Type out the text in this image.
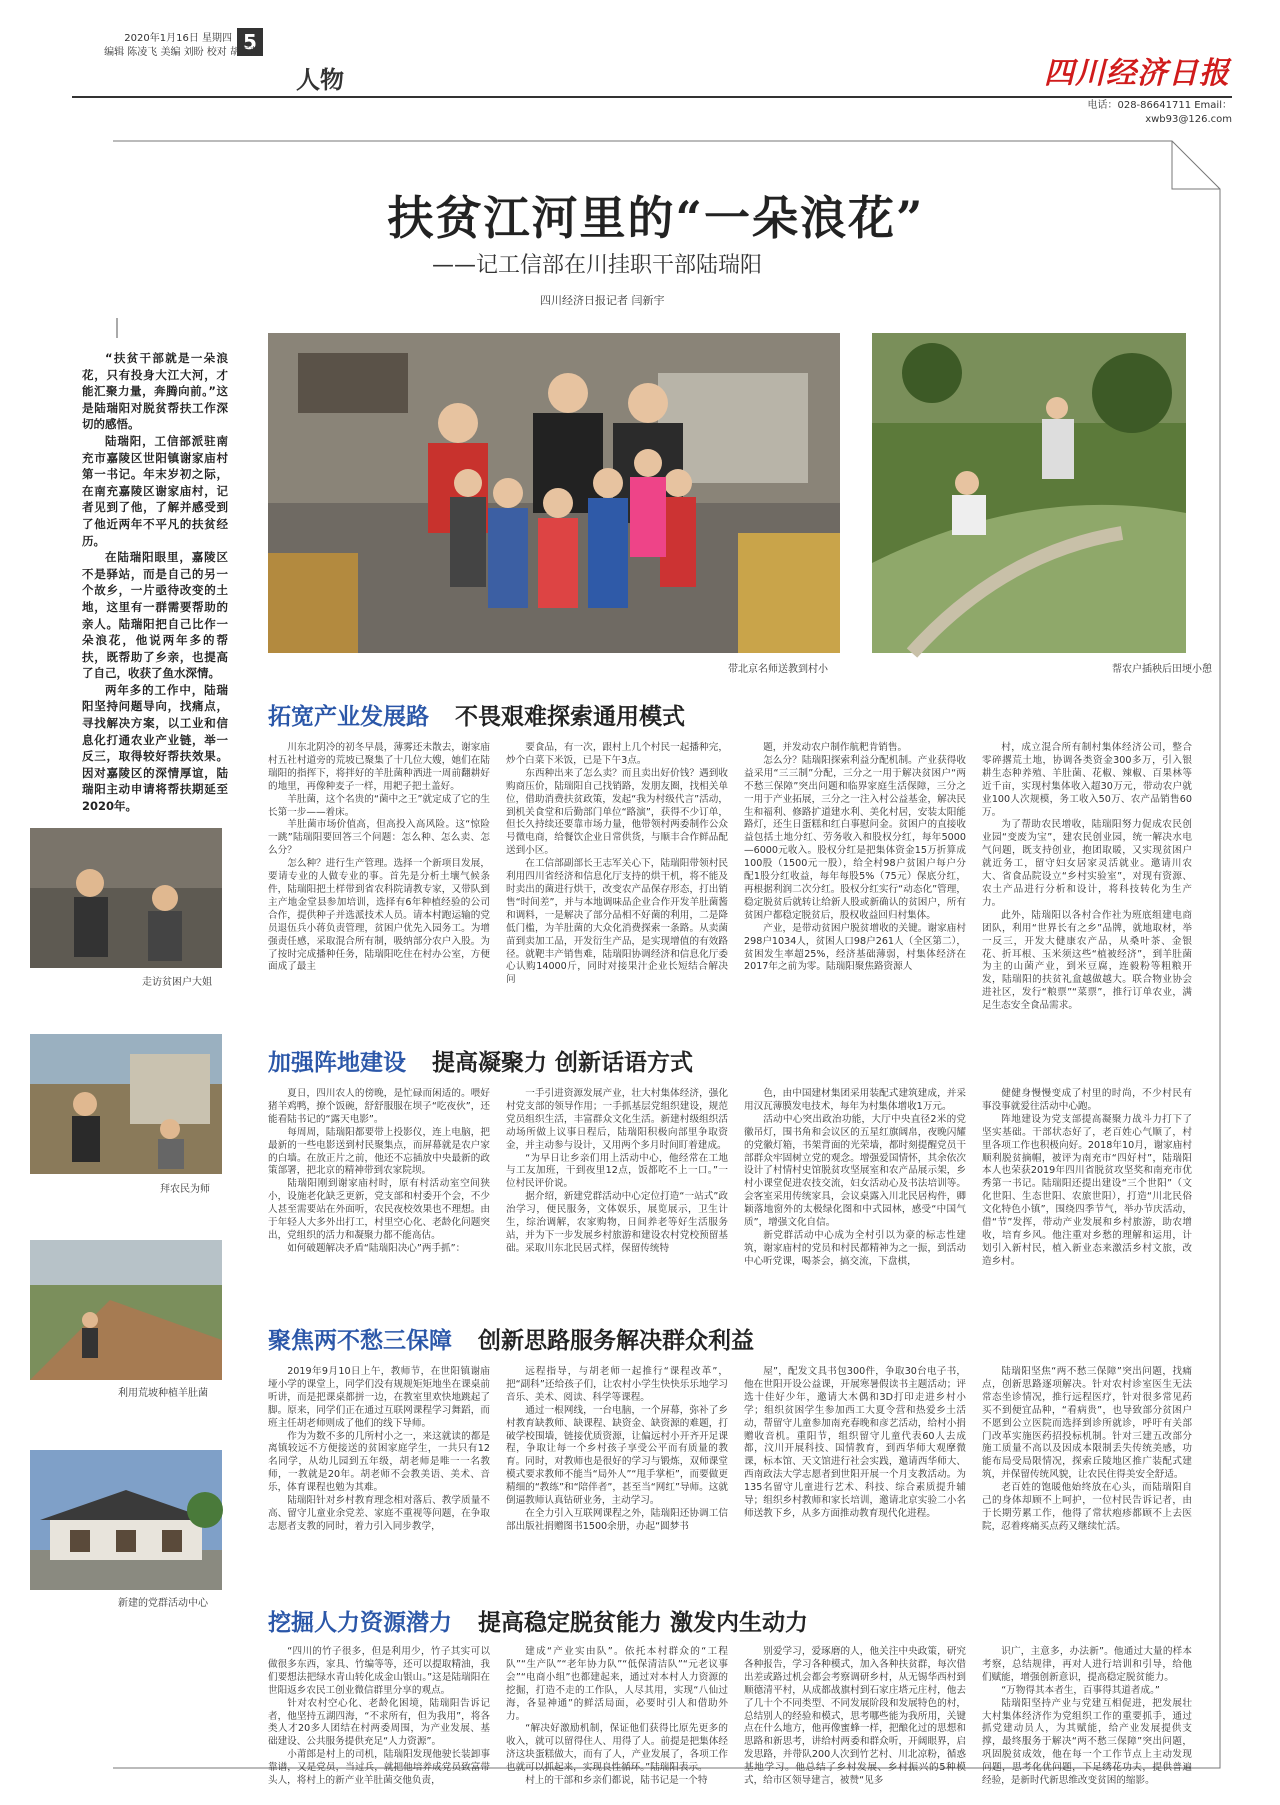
5
2020年1月16日 星期四
编辑 陈凌飞 美编 刘盼 校对 胡玉萍
人物	四川经济日报
电话：028-86641711 Email：xwb93@126.com
扶贫江河里的“一朵浪花”
——记工信部在川挂职干部陆瑞阳
四川经济日报记者 闫新宇

“扶贫干部就是一朵浪花，只有投身大江大河，才能汇聚力量，奔腾向前。”这是陆瑞阳对脱贫帮扶工作深切的感悟。

陆瑞阳，工信部派驻南充市嘉陵区世阳镇谢家庙村第一书记。年末岁初之际，在南充嘉陵区谢家庙村，记者见到了他，了解并感受到了他近两年不平凡的扶贫经历。

在陆瑞阳眼里，嘉陵区不是驿站，而是自己的另一个故乡，一片亟待改变的土地，这里有一群需要帮助的亲人。陆瑞阳把自己比作一朵浪花，他说两年多的帮扶，既帮助了乡亲，也提高了自己，收获了鱼水深情。

两年多的工作中，陆瑞阳坚持问题导向，找痛点，寻找解决方案，以工业和信息化打通农业产业链，举一反三，取得较好帮扶效果。因对嘉陵区的深情厚谊，陆瑞阳主动申请将帮扶期延至2020年。

带北京名师送教到村小	帮农户插秧后田埂小憩
走访贫困户大姐
拜农民为师
利用荒坡种植羊肚菌
新建的党群活动中心
拓宽产业发展路 不畏艰难探索通用模式

川东北阴冷的初冬早晨，薄雾还未散去，谢家庙村五社村道旁的荒坡已聚集了十几位大嫂，她们在陆瑞阳的指挥下，将拌好的羊肚菌种洒进一周前翻耕好的地里，再像种麦子一样，用耙子把土盖好。

羊肚菌，这个名贵的“菌中之王”就定成了它的生长第一步——着床。

羊肚菌市场价值高，但高投入高风险。这“惊险一跳”陆瑞阳要回答三个问题：怎么种、怎么卖、怎么分？

怎么种？进行生产管理。选择一个新项目发展，要请专业的人做专业的事。首先是分析土壤气候条件，陆瑞阳把土样带到省农科院请教专家，又带队到主产地金堂县参加培训，选择有6年种植经验的公司合作，提供种子并选派技术人员。请本村跑运输的党员退伍兵小蒋负责管理，贫困户优先入园务工。为增强责任感，采取混合所有制，吸纳部分农户入股。为了按时完成播种任务，陆瑞阳吃住在村办公室，方便面成了最主

要食品，有一次，跟村上几个村民一起播种完，炒个白菜下米饭，已是下午3点。

东西种出来了怎么卖？而且卖出好价钱？遇到收购商压价，陆瑞阳自己找销路，发朋友圈，找相关单位，借助消费扶贫政策，发起“我为村级代言”活动，到机关食堂和后勤部门单位“路演”，获得不少订单，但长久持续还要靠市场力量，他带领村两委制作公众号微电商，给餐饮企业日常供货，与顺丰合作鲜品配送到小区。

在工信部副部长王志军关心下，陆瑞阳带领村民利用四川省经济和信息化厅支持的烘干机，将不能及时卖出的菌进行烘干，改变农产品保存形态，打出销售“时间差”，并与本地调味品企业合作开发羊肚菌酱和调料，一是解决了部分品相不好菌的利用，二是降低门槛，为羊肚菌的大众化消费探索一条路。从卖菌苗到卖加工品，开发衍生产品，是实现增值的有效路径。就靶丰产销售难，陆瑞阳协调经济和信息化厅委心认购14000斤，同时对接果汁企业长短结合解决问

题，并发动农户制作航粑肯销售。

怎么分？陆瑞阳探索利益分配机制。产业获得收益采用“三三制”分配，三分之一用于解决贫困户“两不愁三保障”突出问题和临界家庭生活保障，三分之一用于产业拓展，三分之一注入村公益基金，解决民生和福利、修路扩道建水利、美化村居，安装太阳能路灯，还生日蛋糕和红白事慰问金。贫困户的直接收益包括土地分红、劳务收入和股权分红，每年5000—6000元收入。股权分红是把集体资金15万折算成100股（1500元一股），给全村98户贫困户每户分配1股分红收益，每年每股5%（75元）保底分红，再根据利润二次分红。股权分红实行“动态化”管理，稳定脱贫后就转让给新人股或新确认的贫困户，所有贫困户都稳定脱贫后，股权收益回归村集体。

产业，是带动贫困户脱贫增收的关键。谢家庙村298户1034人，贫困人口98户261人（全区第二），贫困发生率超25%，经济基础薄弱，村集体经济在2017年之前为零。陆瑞阳聚焦路资源人

村，成立混合所有制村集体经济公司，整合零碎撂荒土地，协调各类资金300多万，引入银耕生态种养殖、羊肚菌、花椒、辣椒、百果林等近千亩，实现村集体收入超30万元，带动农户就业100人次规模，务工收入50万、农产品销售60万。

为了帮助农民增收，陆瑞阳努力促成农民创业园“变废为宝”，建农民创业园，统一解决水电气问题，既支持创业，抱团取暖，又实现贫困户就近务工，留守妇女居家灵活就业。邀请川农大、省食品院设立“乡村实验室”，对现有资源、农土产品进行分析和设计，将科技转化为生产力。

此外，陆瑞阳以各村合作社为班底组建电商团队，利用“世界长有之乡”品牌，就地取材，举一反三，开发大健康农产品，从桑叶茶、金银花、折耳根、玉米须这些“植被经济”，到羊肚菌为主的山菌产业，到米豆腐，连毅粉等粗粮开发，陆瑞阳的扶贫礼盒越做越大。联合物业协会进社区，发行“粮票”“菜票”，推行订单农业，满足生态安全食品需求。

加强阵地建设 提高凝聚力 创新话语方式

夏日，四川农人的傍晚，是忙碌而闲适的。喂好猪羊鸡鸭，撩个饭碗，舒舒服服在坝子“吃夜伙”，还能看陆书记的“露天电影”。

每周周，陆瑞阳都要带上投影仪，连上电脑，把最新的一些电影送到村民聚集点，而屏幕就是农户家的白墙。在放正片之前，他还不忘插放中央最新的政策部署，把北京的精神带到农家院坝。

陆瑞阳刚到谢家庙村时，原有村活动室空间狭小，设施老化缺乏更新，党支部和村委开个会，不少人甚至需要站在外面听，农民夜校效果也不理想。由于年轻人大多外出打工，村里空心化、老龄化问题突出，党组织的活力和凝聚力都不能高估。

如何破题解决矛盾“陆瑞阳决心”两手抓”：

一手引进资源发展产业，壮大村集体经济，强化村党支部的领导作用；一手抓基层党组织建设，规范党员组织生活，丰富群众文化生活。新建村级组织活动场所做上议事日程后，陆瑞阳积极向部里争取资金，并主动参与设计，又用两个多月时间盯着建成。

“为早日让乡亲们用上活动中心，他经常在工地与工友加班，干到夜里12点，饭都吃不上一口。”一位村民评价说。

据介绍，新建党群活动中心定位打造“一站式”政治学习，便民服务，文体娱乐，展览展示，卫生计生，综治调解，农家购物，日间养老等好生活服务站，并为下一步发展乡村旅游和建设农村党校预留基础。采取川东北民居式样，保留传统特

色，由中国建材集团采用装配式建筑建成，并采用汉瓦薄膜发电技术，每年为村集体增收1万元。

活动中心突出政治功能，大厅中央直径2米的党徽吊灯，围书角和会议区的五星红旗阔帛，夜晚闪耀的党徽灯箱，书架背面的光荣墙，都时刻提醒党员干部群众牢固树立党的观念。增强爱国情怀，其余依次设计了村情村史馆脱贫攻坚展室和农产品展示架，乡村小课堂促进农技交流，妇女活动心及书法培训等。会客室采用传统家具，会议桌露入川北民居构件，卿颖落地窗外的太极绿化图和中式园林，感受“中国气质”，增强文化自信。

新党群活动中心成为全村引以为豪的标志性建筑，谢家庙村的党员和村民都精神为之一振，到活动中心听党课，喝茶会，搞交流，下盘棋，

健健身慢慢变成了村里的时尚，不少村民有事没事就爱往活动中心跑。

阵地建设为党支部提高凝聚力战斗力打下了坚实基础。干部状态好了，老百姓心气顺了，村里各项工作也积极向好。2018年10月，谢家庙村顺利脱贫摘帽，被评为南充市“四好村”，陆瑞阳本人也荣获2019年四川省脱贫攻坚奖和南充市优秀第一书记。陆瑞阳还提出建设“三个世阳”（文化世阳、生态世阳、农旅世阳），打造“川北民俗文化特色小镇”，围绕四季节气，举办节庆活动，借“节”发挥，带动产业发展和乡村旅游，助农增收，培育乡风。他注重对乡愁的理解和运用，计划引入新村民，植入新业态来激活乡村文旅，改造乡村。

聚焦两不愁三保障 创新思路服务解决群众利益

2019年9月10日上午，教师节，在世阳镇谢庙垭小学的课堂上，同学们没有规规矩矩地坐在课桌前听讲，而是把课桌都拼一边，在教室里欢快地跳起了脚。原来，同学们正在通过互联网课程学习舞蹈，而班主任胡老师则成了他们的线下导师。

作为为数不多的几所村小之一，来这就读的都是离镇较远不方便接送的贫困家庭学生，一共只有12名同学，从幼儿园到五年级，胡老师是唯一一名教师，一教就是20年。胡老师不会教美语、美术、音乐，体育课程也勉为其难。

陆瑞阳针对乡村教育理念相对落后、教学质量不高、留守儿童业余党差、家庭不重视等问题，在争取志愿者支教的同时，着力引入同步教学，

远程指导，与胡老师一起推行“课程改革”，把“副科”还给孩子们，让农村小学生快快乐乐地学习音乐、美术、阅读、科学等课程。

通过一根网线，一台电脑，一个屏幕，弥补了乡村教育缺教师、缺课程、缺资金、缺资源的难题，打破学校围墙，链接优质资源，让偏远村小开齐开足课程，争取让每一个乡村孩子享受公平而有质量的教育。同时，对教师也是很好的学习与锻炼，双师课堂模式要求教师不能当“局外人”“甩手掌柜”，而要做更精细的“教练”和“陪伴者”，甚至当“网红”导师。这就倒逼教师认真钻研业务，主动学习。

在全力引入互联网课程之外，陆瑞阳还协调工信部出版社捐赠图书1500余册，办起“圆梦书

屋”，配发文具书包300件，争取30台电子书，他在世阳开设公益课，开展寒暑假读书主题活动；评选十佳好少年，邀请大木偶和3D打印走进乡村小学；组织贫困学生参加西工大夏令营和热爱乡土活动，帮留守儿童参加南充春晚和彦艺活动，给村小捐赠收音机。重阳节，组织留守儿童代表60人去成都，汶川开展科技、国情教育，到西华师大观摩微课，标本馆、天文馆进行社会实践，邀请西华师大、西南政法大学志愿者到世阳开展一个月支教活动。为135名留守儿童进行艺术、科技、综合素质提升辅导；组织乡村教师和家长培训，邀请北京实验二小名师送教下乡，从多方面推动教育现代化进程。

陆瑞阳坚焦“两不愁三保障”突出问题，找痛点，创新思路逐项解决。针对农村诊室医生无法常态坐诊情况，推行远程医疗，针对很多常见药买不到便宜品种，“看病贵”，也导致部分贫困户不愿到公立医院而选择到诊所就诊，呼吁有关部门改革实施医药招投标机制。针对三建五改部分施工质量不高以及因成本限制丢失传统美感，功能布局受局限情况，探索丘陵地区推广装配式建筑，并保留传统风貌，让农民住得美安全舒适。

老百姓的饱暖他始终放在心头，而陆瑞阳自己的身体却顾不上呵护，一位村民告诉记者，由于长期劳累工作，他得了常状疱疹都顾不上去医院，忍着疼痛买点药又继续忙活。

挖掘人力资源潜力 提高稳定脱贫能力 激发内生动力

“四川的竹子很多，但是利用少，竹子其实可以做很多东西，家具、竹编等等，还可以提取精油，我们要想法把绿水青山转化成金山银山。”这是陆瑞阳在世阳返乡农民工创业微信群里分享的观点。

针对农村空心化、老龄化困境，陆瑞阳告诉记者，他坚持五湖四海，“不求所有，但为我用”，将各类人才20多人团结在村两委周围，为产业发展、基础建设、公共服务提供充足“人力资源”。

小莆郎是村上的司机，陆瑞阳发现他驶长装卸事靠谱，又是党员，当过兵，就把他培养成党员致富带头人，将村上的新产业羊肚菌交他负责，

建成“产业实由队”。依托本村群众的“工程队”“生产队”“老年协力队”“低保清洁队”“元老议事会”“电商小组”也都建起来，通过对本村人力资源的挖掘，打造不走的工作队，人尽其用，实现“八仙过海，各显神通”的鲜活局面，必要时引人和借助外力。

“解决好激励机制，保证他们获得比原先更多的收入，就可以留得住人、用得了人。前提是把集体经济这块蛋糕做大，而有了人，产业发展了，各项工作也就可以抓起来，实现良性循环。”陆瑞阳表示。

村上的干部和乡亲们都说，陆书记是一个特

别爱学习，爱琢磨的人，他关注中央政策，研究各种报告，学习各种模式，加入各种扶贫群，每次借出差或路过机会都会考察调研乡村，从无锡华西村到顺德清平村，从成都战旗村到石家庄塔元庄村，他去了几十个不同类型、不同发展阶段和发展特色的村，总结别人的经验和模式，思考哪些能为我所用，关键点在什么地方，他再像蜜蜂一样，把酿化过的思想和思路和新思考，讲给村两委和群众听，开阔眼界，启发思路，并带队200人次到竹艺村、川北凉粉，循惑基地学习。他总结了乡村发展、乡村振兴的5种模式，给市区领导建言，被赞“见多

识广，主意多，办法新”。他通过大量的样本考察，总结规律，再对人进行培训和引导，给他们赋能，增强创新意识，提高稳定脱贫能力。

“万物得其本者生，百事得其道者成。”

陆瑞阳坚持产业与党建互相促进，把发展壮大村集体经济作为党组织工作的重要抓手，通过抓党建动员人，为其赋能，给产业发展提供支撑，最终服务于解决“两不愁三保障”突出问题，巩固脱贫成效，他在每一个工作节点上主动发现问题，思考化优问题，下足绣花功夫，提供普遍经验，是新时代新思维改变贫困的缩影。
